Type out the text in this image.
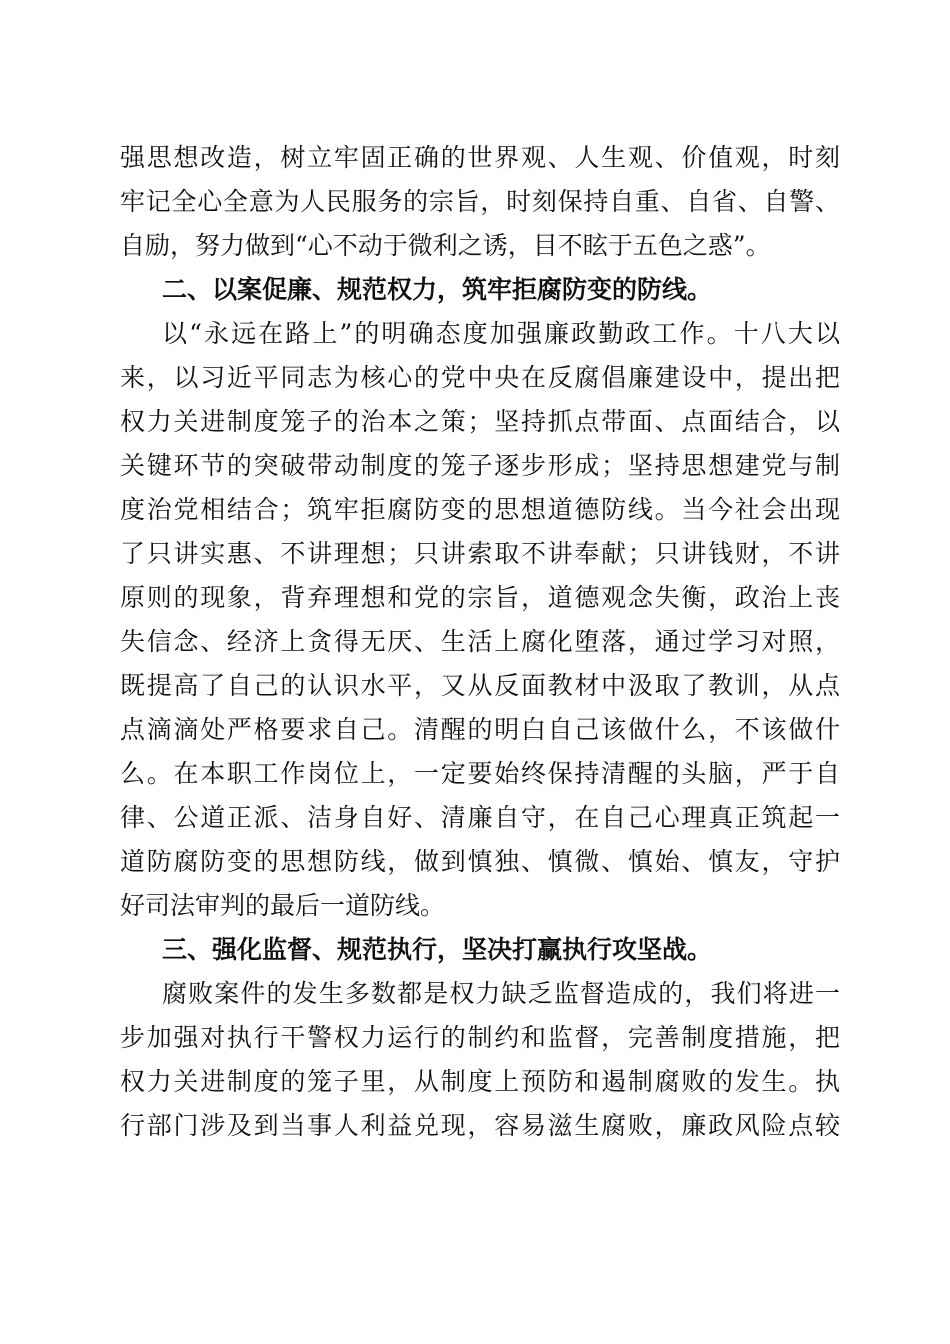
强思想改造，树立牢固正确的世界观、人生观、价值观，时刻
牢记全心全意为人民服务的宗旨，时刻保持自重、自省、自警、
自励，努力做到“心不动于微利之诱，目不眩于五色之惑”。
二、以案促廉、规范权力，筑牢拒腐防变的防线。
以“永远在路上”的明确态度加强廉政勤政工作。十八大以
来，以习近平同志为核心的党中央在反腐倡廉建设中，提出把
权力关进制度笼子的治本之策；坚持抓点带面、点面结合，以
关键环节的突破带动制度的笼子逐步形成；坚持思想建党与制
度治党相结合；筑牢拒腐防变的思想道德防线。当今社会出现
了只讲实惠、不讲理想；只讲索取不讲奉献；只讲钱财，不讲
原则的现象，背弃理想和党的宗旨，道德观念失衡，政治上丧
失信念、经济上贪得无厌、生活上腐化堕落，通过学习对照，
既提高了自己的认识水平，又从反面教材中汲取了教训，从点
点滴滴处严格要求自己。清醒的明白自己该做什么，不该做什
么。在本职工作岗位上，一定要始终保持清醒的头脑，严于自
律、公道正派、洁身自好、清廉自守，在自己心理真正筑起一
道防腐防变的思想防线，做到慎独、慎微、慎始、慎友，守护
好司法审判的最后一道防线。
三、强化监督、规范执行，坚决打赢执行攻坚战。
腐败案件的发生多数都是权力缺乏监督造成的，我们将进一
步加强对执行干警权力运行的制约和监督，完善制度措施，把
权力关进制度的笼子里，从制度上预防和遏制腐败的发生。执
行部门涉及到当事人利益兑现，容易滋生腐败，廉政风险点较
